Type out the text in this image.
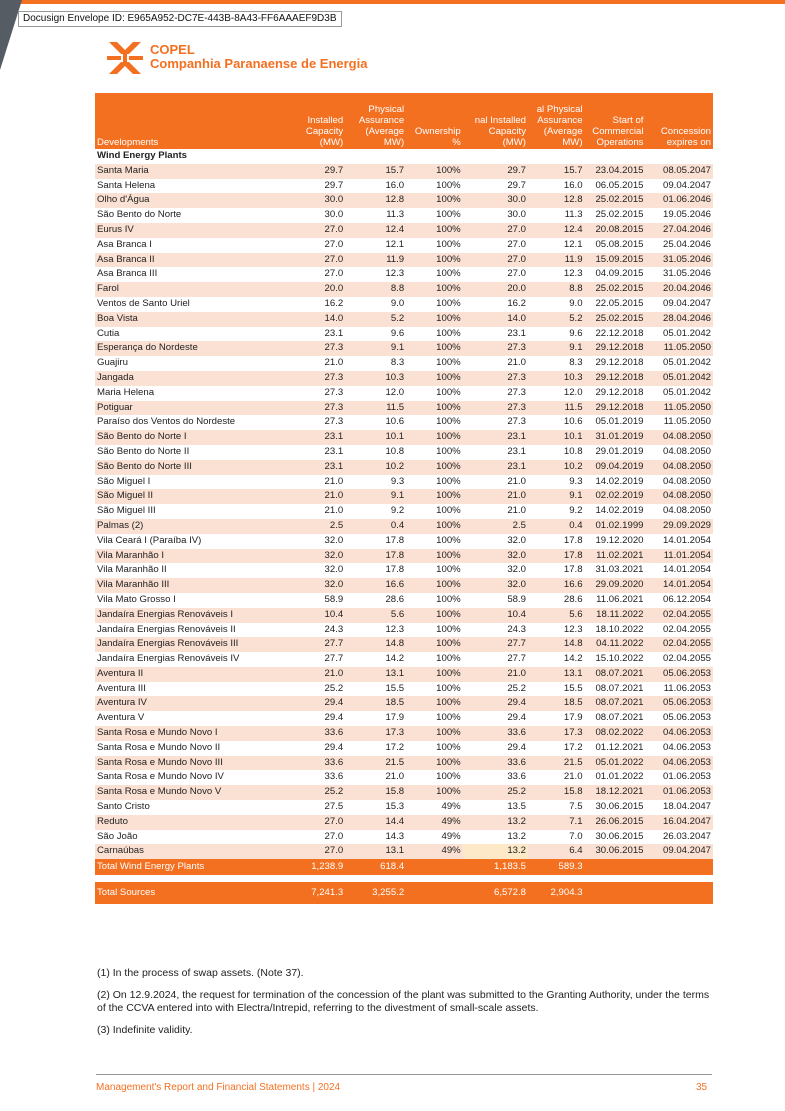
Docusign Envelope ID: E965A952-DC7E-443B-8A43-FF6AAAEF9D3B
COPEL
Companhia Paranaense de Energia
Developments	Installed Capacity (MW)	Physical Assurance (Average MW)	Ownership %	nal Installed Capacity (MW)	al Physical Assurance (Average MW)	Start of Commercial Operations	Concession expires on
Wind Energy Plants							
Santa Maria	29.7	15.7	100%	29.7	15.7	23.04.2015	08.05.2047
Santa Helena	29.7	16.0	100%	29.7	16.0	06.05.2015	09.04.2047
Olho d'Água	30.0	12.8	100%	30.0	12.8	25.02.2015	01.06.2046
São Bento do Norte	30.0	11.3	100%	30.0	11.3	25.02.2015	19.05.2046
Eurus IV	27.0	12.4	100%	27.0	12.4	20.08.2015	27.04.2046
Asa Branca I	27.0	12.1	100%	27.0	12.1	05.08.2015	25.04.2046
Asa Branca II	27.0	11.9	100%	27.0	11.9	15.09.2015	31.05.2046
Asa Branca III	27.0	12.3	100%	27.0	12.3	04.09.2015	31.05.2046
Farol	20.0	8.8	100%	20.0	8.8	25.02.2015	20.04.2046
Ventos de Santo Uriel	16.2	9.0	100%	16.2	9.0	22.05.2015	09.04.2047
Boa Vista	14.0	5.2	100%	14.0	5.2	25.02.2015	28.04.2046
Cutia	23.1	9.6	100%	23.1	9.6	22.12.2018	05.01.2042
Esperança do Nordeste	27.3	9.1	100%	27.3	9.1	29.12.2018	11.05.2050
Guajiru	21.0	8.3	100%	21.0	8.3	29.12.2018	05.01.2042
Jangada	27.3	10.3	100%	27.3	10.3	29.12.2018	05.01.2042
Maria Helena	27.3	12.0	100%	27.3	12.0	29.12.2018	05.01.2042
Potiguar	27.3	11.5	100%	27.3	11.5	29.12.2018	11.05.2050
Paraíso dos Ventos do Nordeste	27.3	10.6	100%	27.3	10.6	05.01.2019	11.05.2050
São Bento do Norte I	23.1	10.1	100%	23.1	10.1	31.01.2019	04.08.2050
São Bento do Norte II	23.1	10.8	100%	23.1	10.8	29.01.2019	04.08.2050
São Bento do Norte III	23.1	10.2	100%	23.1	10.2	09.04.2019	04.08.2050
São Miguel I	21.0	9.3	100%	21.0	9.3	14.02.2019	04.08.2050
São Miguel II	21.0	9.1	100%	21.0	9.1	02.02.2019	04.08.2050
São Miguel III	21.0	9.2	100%	21.0	9.2	14.02.2019	04.08.2050
Palmas (2)	2.5	0.4	100%	2.5	0.4	01.02.1999	29.09.2029
Vila Ceará I (Paraíba IV)	32.0	17.8	100%	32.0	17.8	19.12.2020	14.01.2054
Vila Maranhão I	32.0	17.8	100%	32.0	17.8	11.02.2021	11.01.2054
Vila Maranhão II	32.0	17.8	100%	32.0	17.8	31.03.2021	14.01.2054
Vila Maranhão III	32.0	16.6	100%	32.0	16.6	29.09.2020	14.01.2054
Vila Mato Grosso I	58.9	28.6	100%	58.9	28.6	11.06.2021	06.12.2054
Jandaíra Energias Renováveis I	10.4	5.6	100%	10.4	5.6	18.11.2022	02.04.2055
Jandaíra Energias Renováveis II	24.3	12.3	100%	24.3	12.3	18.10.2022	02.04.2055
Jandaíra Energias Renováveis III	27.7	14.8	100%	27.7	14.8	04.11.2022	02.04.2055
Jandaíra Energias Renováveis IV	27.7	14.2	100%	27.7	14.2	15.10.2022	02.04.2055
Aventura II	21.0	13.1	100%	21.0	13.1	08.07.2021	05.06.2053
Aventura III	25.2	15.5	100%	25.2	15.5	08.07.2021	11.06.2053
Aventura IV	29.4	18.5	100%	29.4	18.5	08.07.2021	05.06.2053
Aventura V	29.4	17.9	100%	29.4	17.9	08.07.2021	05.06.2053
Santa Rosa e Mundo Novo I	33.6	17.3	100%	33.6	17.3	08.02.2022	04.06.2053
Santa Rosa e Mundo Novo II	29.4	17.2	100%	29.4	17.2	01.12.2021	04.06.2053
Santa Rosa e Mundo Novo III	33.6	21.5	100%	33.6	21.5	05.01.2022	04.06.2053
Santa Rosa e Mundo Novo IV	33.6	21.0	100%	33.6	21.0	01.01.2022	01.06.2053
Santa Rosa e Mundo Novo V	25.2	15.8	100%	25.2	15.8	18.12.2021	01.06.2053
Santo Cristo	27.5	15.3	49%	13.5	7.5	30.06.2015	18.04.2047
Reduto	27.0	14.4	49%	13.2	7.1	26.06.2015	16.04.2047
São João	27.0	14.3	49%	13.2	7.0	30.06.2015	26.03.2047
Carnaúbas	27.0	13.1	49%	13.2	6.4	30.06.2015	09.04.2047
Total Wind Energy Plants	1,238.9	618.4		1,183.5	589.3		

Total Sources	7,241.3	3,255.2		6,572.8	2,904.3		

(1) In the process of swap assets. (Note 37).

(2) On 12.9.2024, the request for termination of the concession of the plant was submitted to the Granting Authority, under the terms of the CCVA entered into with Electra/Intrepid, referring to the divestment of small-scale assets.

(3) Indefinite validity.

Management's Report and Financial Statements | 2024	35
